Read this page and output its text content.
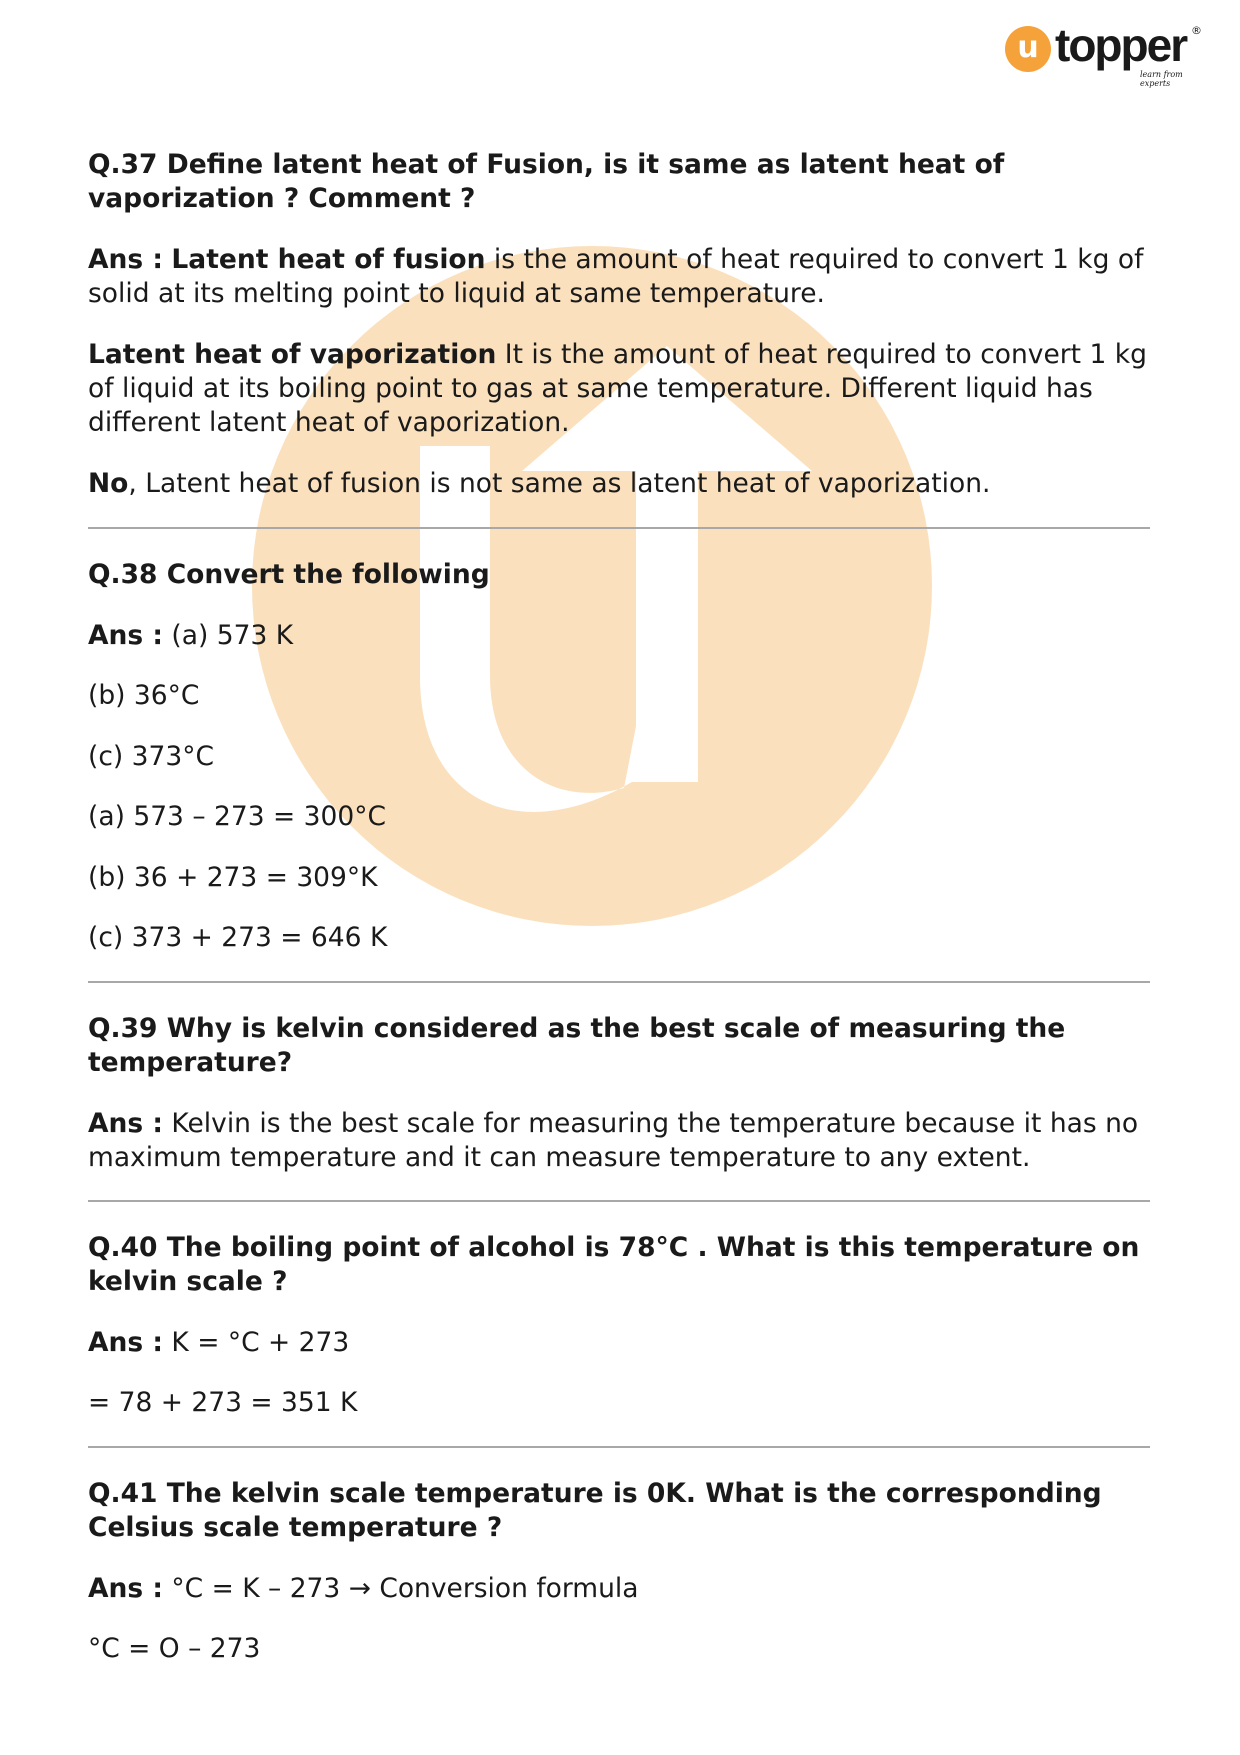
u topper ®
learn from experts

Q.37 Define latent heat of Fusion, is it same as latent heat of vaporization ? Comment ?

Ans : Latent heat of fusion is the amount of heat required to convert 1 kg of solid at its melting point to liquid at same temperature.

Latent heat of vaporization It is the amount of heat required to convert 1 kg of liquid at its boiling point to gas at same temperature. Different liquid has different latent heat of vaporization.

No, Latent heat of fusion is not same as latent heat of vaporization.

Q.38 Convert the following

Ans : (a) 573 K

(b) 36°C

(c) 373°C

(a) 573 – 273 = 300°C

(b) 36 + 273 = 309°K

(c) 373 + 273 = 646 K

Q.39 Why is kelvin considered as the best scale of measuring the temperature?

Ans : Kelvin is the best scale for measuring the temperature because it has no maximum temperature and it can measure temperature to any extent.

Q.40 The boiling point of alcohol is 78°C . What is this temperature on kelvin scale ?

Ans : K = °C + 273

= 78 + 273 = 351 K

Q.41 The kelvin scale temperature is 0K. What is the corresponding Celsius scale temperature ?

Ans : °C = K – 273 → Conversion formula

°C = O – 273
